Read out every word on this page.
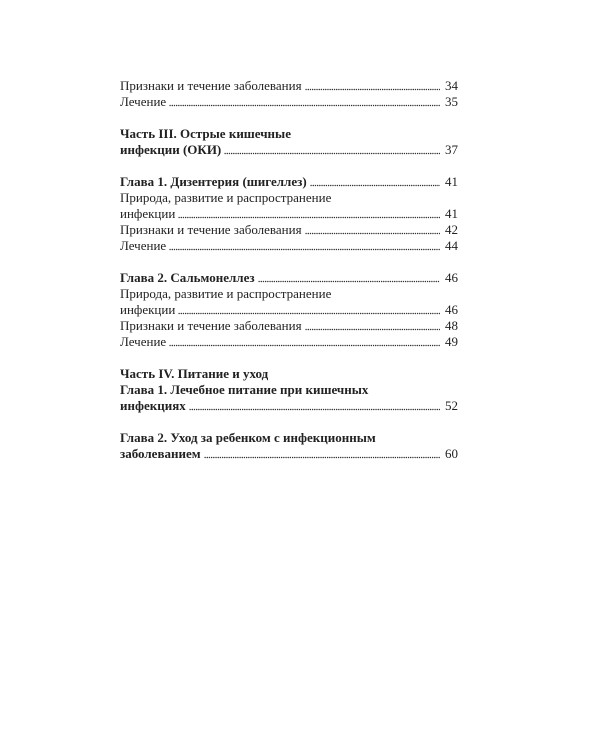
Признаки и течение заболевания	34
Лечение	35
Часть III. Острые кишечные
инфекции (ОКИ)	37
Глава 1. Дизентерия (шигеллез)	41
Природа, развитие и распространение
инфекции	41
Признаки и течение заболевания	42
Лечение	44
Глава 2. Сальмонеллез	46
Природа, развитие и распространение
инфекции	46
Признаки и течение заболевания	48
Лечение	49
Часть IV. Питание и уход
Глава 1. Лечебное питание при кишечных
инфекциях	52
Глава 2. Уход за ребенком с инфекционным
заболеванием	60
